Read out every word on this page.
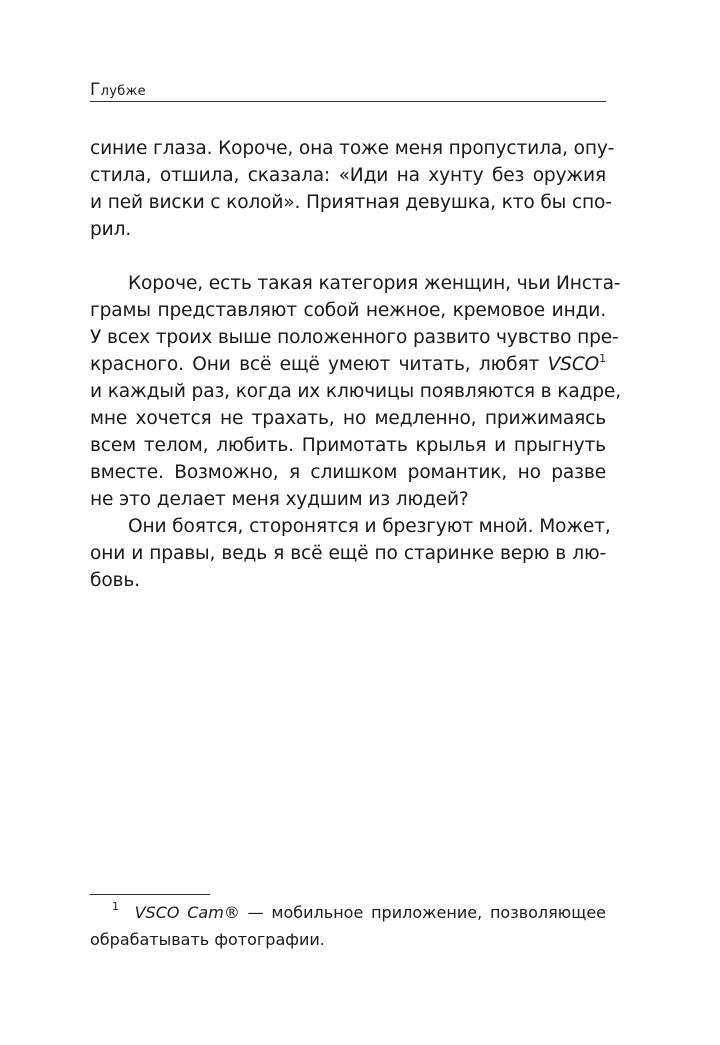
Глубже
синие глаза. Короче, она тоже меня пропустила, опу-
стила, отшила, сказала: «Иди на хунту без оружия
и пей виски с колой». Приятная девушка, кто бы спо-
рил.
Короче, есть такая категория женщин, чьи Инста-
грамы представляют собой нежное, кремовое инди.
У всех троих выше положенного развито чувство пре-
красного. Они всё ещё умеют читать, любят VSCO$^1$
и каждый раз, когда их ключицы появляются в кадре,
мне хочется не трахать, но медленно, прижимаясь
всем телом, любить. Примотать крылья и прыгнуть
вместе. Возможно, я слишком романтик, но разве
не это делает меня худшим из людей?
Они боятся, сторонятся и брезгуют мной. Может,
они и правы, ведь я всё ещё по старинке верю в лю-
бовь.
$^1$ VSCO Cam® — мобильное приложение, позволяющее
обрабатывать фотографии.
